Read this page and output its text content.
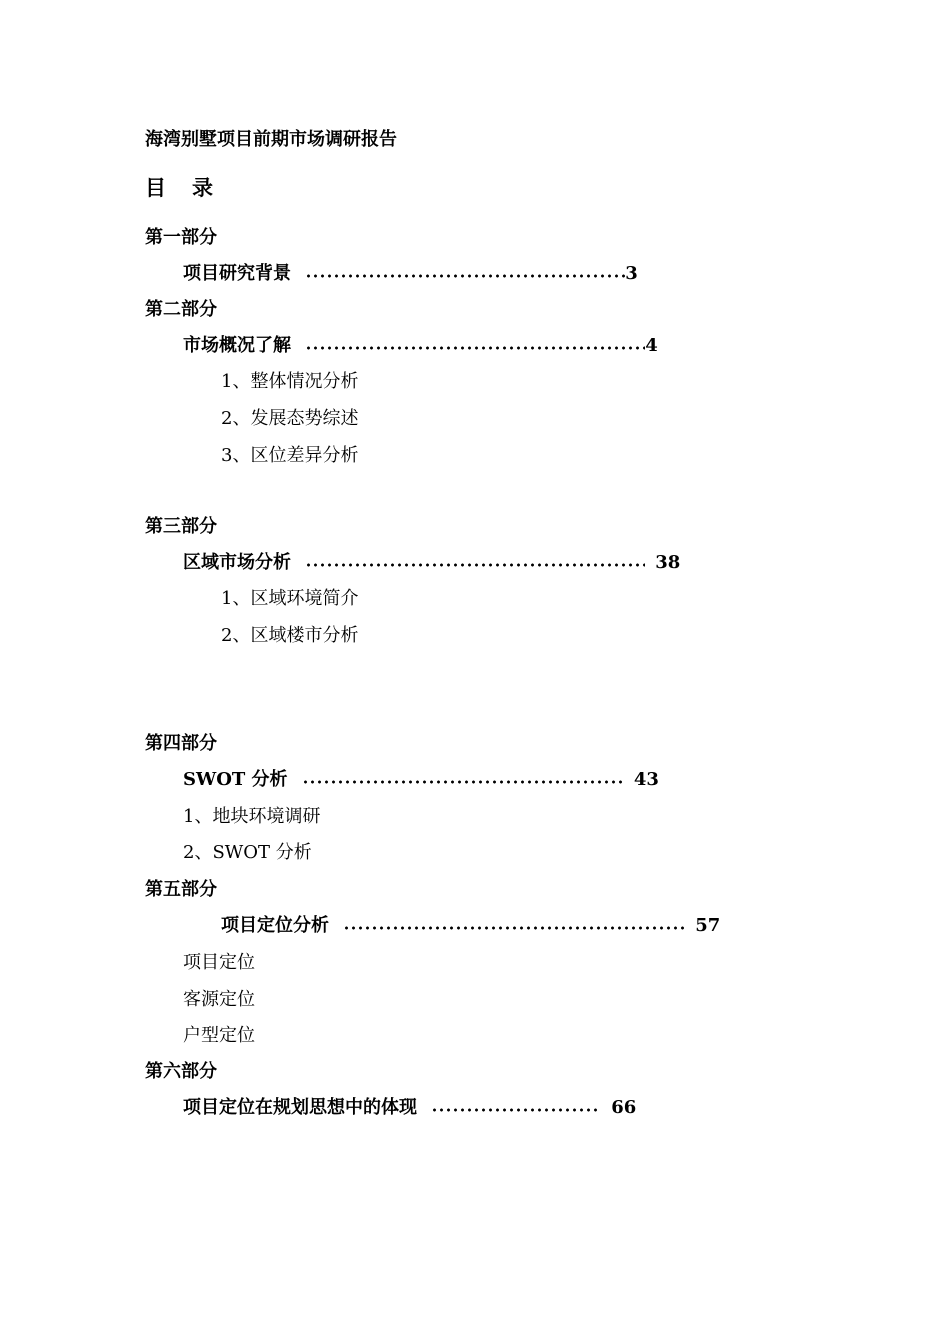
海湾别墅项目前期市场调研报告
目 录
第一部分
项目研究背景	3
第二部分
市场概况了解	4
1、整体情况分析
2、发展态势综述
3、区位差异分析
第三部分
区域市场分析	38
1、区域环境简介
2、区域楼市分析
第四部分
SWOT 分析	43
1、地块环境调研
2、SWOT 分析
第五部分
项目定位分析	57
项目定位
客源定位
户型定位
第六部分
项目定位在规划思想中的体现	66
